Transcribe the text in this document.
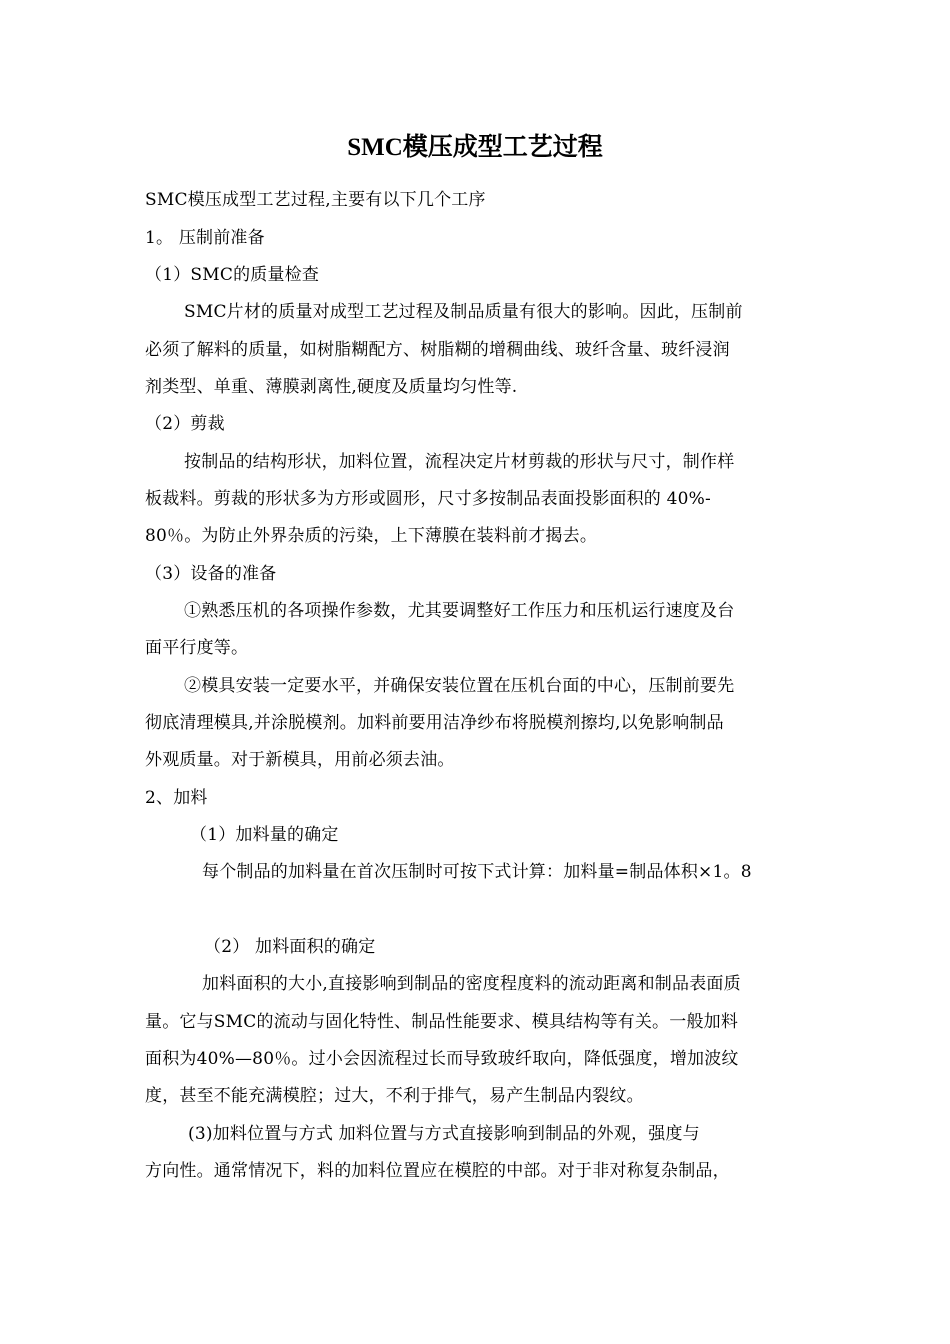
SMC模压成型工艺过程
SMC模压成型工艺过程,主要有以下几个工序
1。 压制前准备
（1）SMC的质量检查
SMC片材的质量对成型工艺过程及制品质量有很大的影响。因此，压制前
必须了解料的质量，如树脂糊配方、树脂糊的增稠曲线、玻纤含量、玻纤浸润
剂类型、单重、薄膜剥离性,硬度及质量均匀性等.
（2）剪裁
按制品的结构形状，加料位置，流程决定片材剪裁的形状与尺寸，制作样
板裁料。剪裁的形状多为方形或圆形，尺寸多按制品表面投影面积的 40%-
80％。为防止外界杂质的污染，上下薄膜在装料前才揭去。
（3）设备的准备
①熟悉压机的各项操作参数，尤其要调整好工作压力和压机运行速度及台
面平行度等。
②模具安装一定要水平，并确保安装位置在压机台面的中心，压制前要先
彻底清理模具,并涂脱模剂。加料前要用洁净纱布将脱模剂擦均,以免影响制品
外观质量。对于新模具，用前必须去油。
2、加料
（1）加料量的确定
每个制品的加料量在首次压制时可按下式计算：加料量=制品体积×1。8
（2） 加料面积的确定
加料面积的大小,直接影响到制品的密度程度料的流动距离和制品表面质
量。它与SMC的流动与固化特性、制品性能要求、模具结构等有关。一般加料
面积为40%—80％。过小会因流程过长而导致玻纤取向，降低强度，增加波纹
度，甚至不能充满模腔；过大，不利于排气，易产生制品内裂纹。
(3)加料位置与方式 加料位置与方式直接影响到制品的外观，强度与
方向性。通常情况下，料的加料位置应在模腔的中部。对于非对称复杂制品，
